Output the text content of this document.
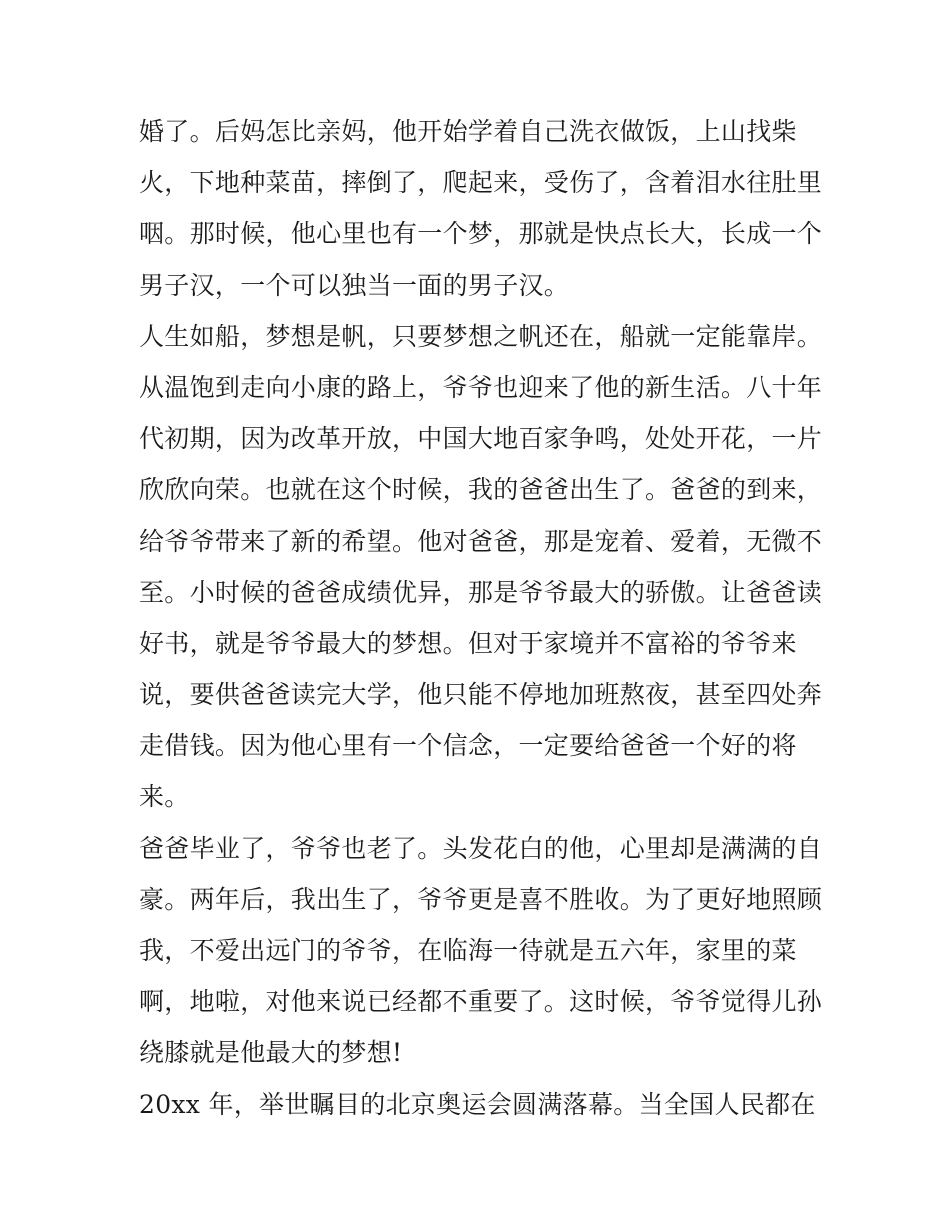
婚了。后妈怎比亲妈，他开始学着自己洗衣做饭，上山找柴
火，下地种菜苗，摔倒了，爬起来，受伤了，含着泪水往肚里
咽。那时候，他心里也有一个梦，那就是快点长大，长成一个
男子汉，一个可以独当一面的男子汉。
人生如船，梦想是帆，只要梦想之帆还在，船就一定能靠岸。
从温饱到走向小康的路上，爷爷也迎来了他的新生活。八十年
代初期，因为改革开放，中国大地百家争鸣，处处开花，一片
欣欣向荣。也就在这个时候，我的爸爸出生了。爸爸的到来，
给爷爷带来了新的希望。他对爸爸，那是宠着、爱着，无微不
至。小时候的爸爸成绩优异，那是爷爷最大的骄傲。让爸爸读
好书，就是爷爷最大的梦想。但对于家境并不富裕的爷爷来
说，要供爸爸读完大学，他只能不停地加班熬夜，甚至四处奔
走借钱。因为他心里有一个信念，一定要给爸爸一个好的将
来。
爸爸毕业了，爷爷也老了。头发花白的他，心里却是满满的自
豪。两年后，我出生了，爷爷更是喜不胜收。为了更好地照顾
我，不爱出远门的爷爷，在临海一待就是五六年，家里的菜
啊，地啦，对他来说已经都不重要了。这时候，爷爷觉得儿孙
绕膝就是他最大的梦想!
20xx 年，举世瞩目的北京奥运会圆满落幕。当全国人民都在
